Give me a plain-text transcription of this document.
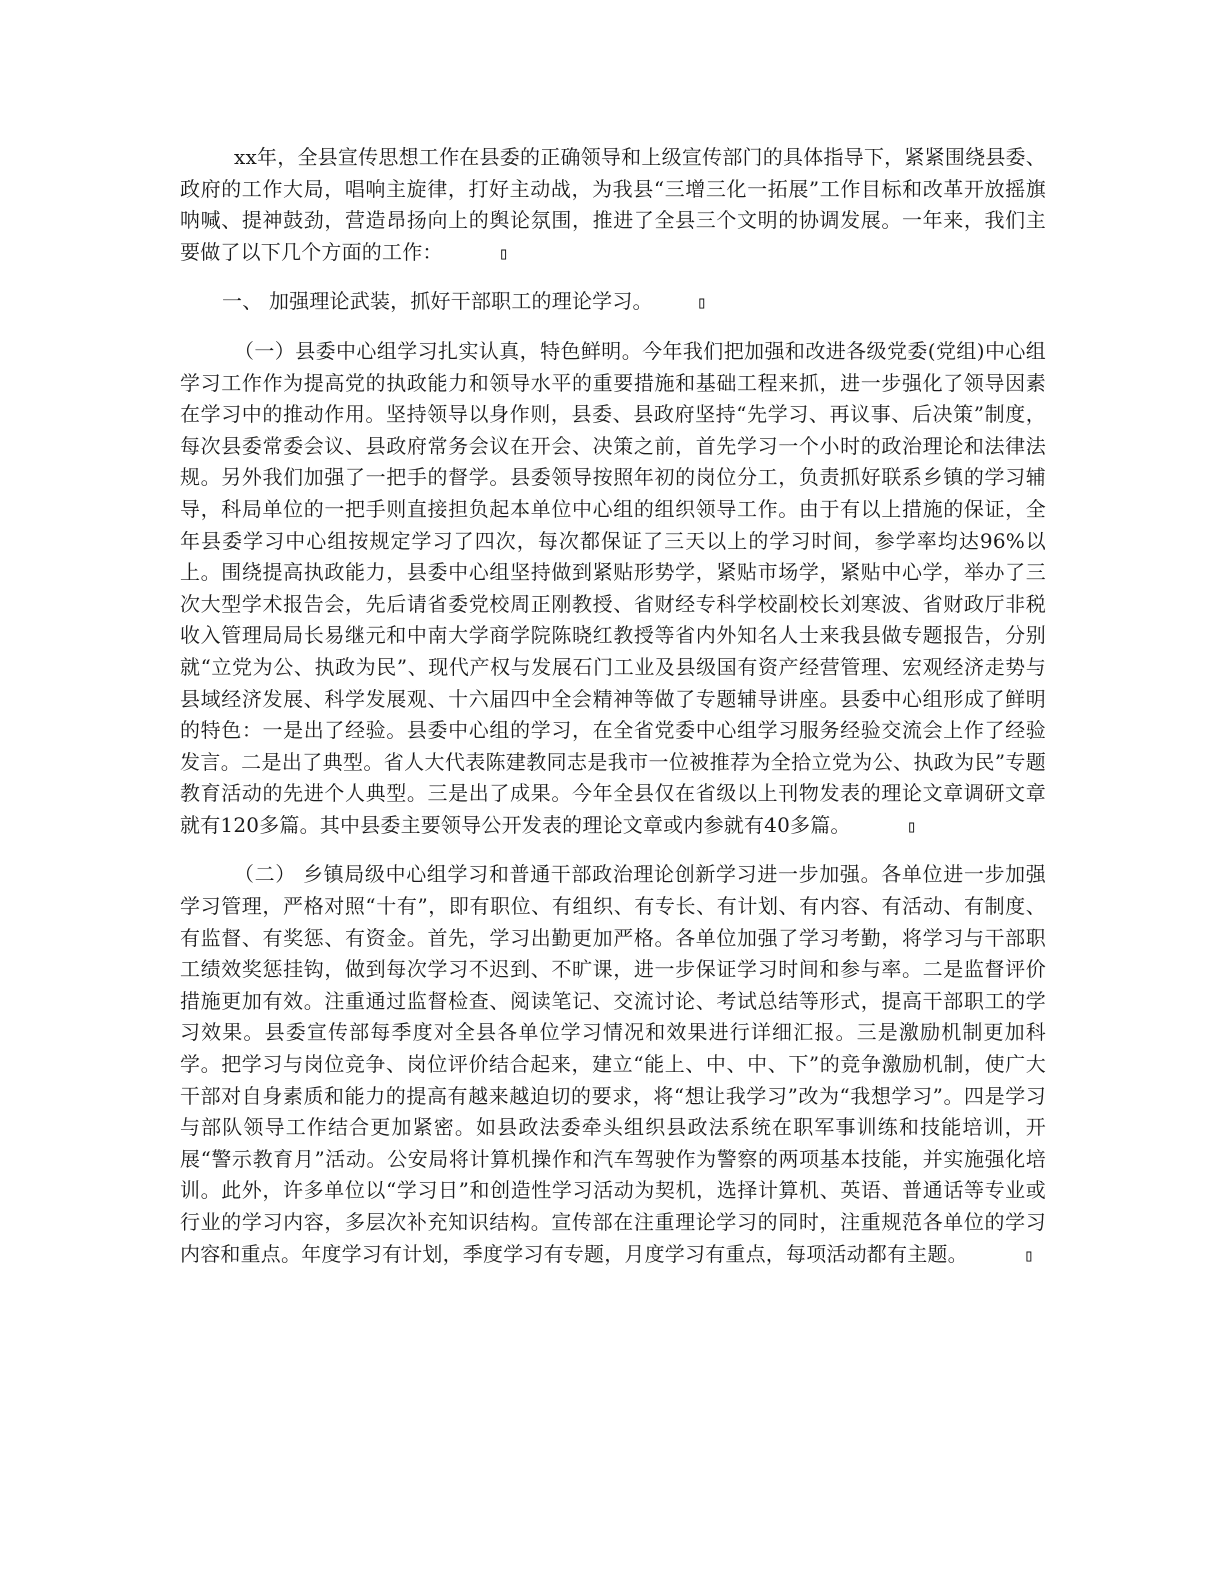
xx年，全县宣传思想工作在县委的正确领导和上级宣传部门的具体指导下，紧紧围绕县委、政府的工作大局，唱响主旋律，打好主动战，为我县“三增三化一拓展”工作目标和改革开放摇旗呐喊、提神鼓劲，营造昂扬向上的舆论氛围，推进了全县三个文明的协调发展。一年来，我们主要做了以下几个方面的工作：	▯

一、 加强理论武装，抓好干部职工的理论学习。	▯

（一）县委中心组学习扎实认真，特色鲜明。今年我们把加强和改进各级党委(党组)中心组学习工作作为提高党的执政能力和领导水平的重要措施和基础工程来抓，进一步强化了领导因素在学习中的推动作用。坚持领导以身作则，县委、县政府坚持“先学习、再议事、后决策”制度，每次县委常委会议、县政府常务会议在开会、决策之前，首先学习一个小时的政治理论和法律法规。另外我们加强了一把手的督学。县委领导按照年初的岗位分工，负责抓好联系乡镇的学习辅导，科局单位的一把手则直接担负起本单位中心组的组织领导工作。由于有以上措施的保证，全年县委学习中心组按规定学习了四次，每次都保证了三天以上的学习时间，参学率均达96%以上。围绕提高执政能力，县委中心组坚持做到紧贴形势学，紧贴市场学，紧贴中心学，举办了三次大型学术报告会，先后请省委党校周正刚教授、省财经专科学校副校长刘寒波、省财政厅非税收入管理局局长易继元和中南大学商学院陈晓红教授等省内外知名人士来我县做专题报告，分别就“立党为公、执政为民”、现代产权与发展石门工业及县级国有资产经营管理、宏观经济走势与县域经济发展、科学发展观、十六届四中全会精神等做了专题辅导讲座。县委中心组形成了鲜明的特色：一是出了经验。县委中心组的学习，在全省党委中心组学习服务经验交流会上作了经验发言。二是出了典型。省人大代表陈建教同志是我市一位被推荐为全拾立党为公、执政为民”专题教育活动的先进个人典型。三是出了成果。今年全县仅在省级以上刊物发表的理论文章调研文章就有120多篇。其中县委主要领导公开发表的理论文章或内参就有40多篇。	▯

（二） 乡镇局级中心组学习和普通干部政治理论创新学习进一步加强。各单位进一步加强学习管理，严格对照“十有”，即有职位、有组织、有专长、有计划、有内容、有活动、有制度、有监督、有奖惩、有资金。首先，学习出勤更加严格。各单位加强了学习考勤，将学习与干部职工绩效奖惩挂钩，做到每次学习不迟到、不旷课，进一步保证学习时间和参与率。二是监督评价措施更加有效。注重通过监督检查、阅读笔记、交流讨论、考试总结等形式，提高干部职工的学习效果。县委宣传部每季度对全县各单位学习情况和效果进行详细汇报。三是激励机制更加科学。把学习与岗位竞争、岗位评价结合起来，建立“能上、中、中、下”的竞争激励机制，使广大干部对自身素质和能力的提高有越来越迫切的要求，将“想让我学习”改为“我想学习”。四是学习与部队领导工作结合更加紧密。如县政法委牵头组织县政法系统在职军事训练和技能培训，开展“警示教育月”活动。公安局将计算机操作和汽车驾驶作为警察的两项基本技能，并实施强化培训。此外，许多单位以“学习日”和创造性学习活动为契机，选择计算机、英语、普通话等专业或行业的学习内容，多层次补充知识结构。宣传部在注重理论学习的同时，注重规范各单位的学习内容和重点。年度学习有计划，季度学习有专题，月度学习有重点，每项活动都有主题。	▯
